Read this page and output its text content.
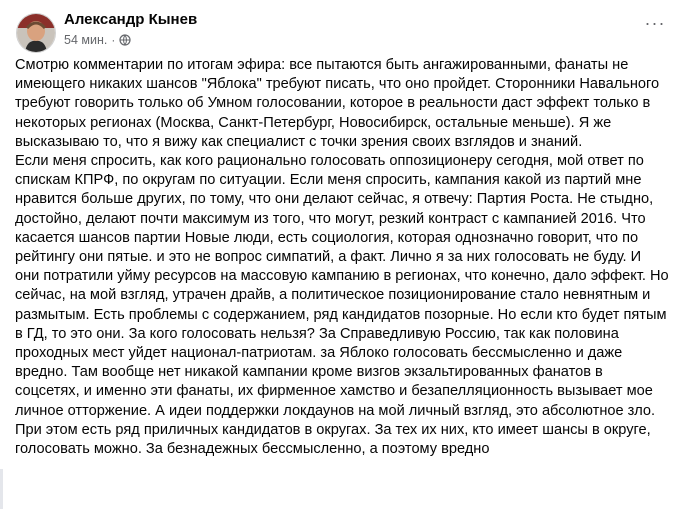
Александр Кынев
54 мин. ·
···

Смотрю комментарии по итогам эфира: все пытаются быть ангажированными, фанаты не имеющего никаких шансов "Яблока" требуют писать, что оно пройдет. Сторонники Навального требуют говорить только об Умном голосовании, которое в реальности даст эффект только в некоторых регионах (Москва, Санкт-Петербург, Новосибирск, остальные меньше). Я же высказываю то, что я вижу как специалист с точки зрения своих взглядов и знаний.

Если меня спросить, как кого рационально голосовать оппозиционеру сегодня, мой ответ по спискам КПРФ, по округам по ситуации. Если меня спросить, кампания какой из партий мне нравится больше других, по тому, что они делают сейчас, я отвечу: Партия Роста. Не стыдно, достойно, делают почти максимум из того, что могут, резкий контраст с кампанией 2016. Что касается шансов партии Новые люди, есть социология, которая однозначно говорит, что по рейтингу они пятые. и это не вопрос симпатий, а факт. Лично я за них голосовать не буду. И они потратили уйму ресурсов на массовую кампанию в регионах, что конечно, дало эффект. Но сейчас, на мой взгляд, утрачен драйв, а политическое позиционирование стало невнятным и размытым. Есть проблемы с содержанием, ряд кандидатов позорные. Но если кто будет пятым в ГД, то это они. За кого голосовать нельзя? За Справедливую Россию, так как половина проходных мест уйдет национал-патриотам. за Яблоко голосовать бессмысленно и даже вредно. Там вообще нет никакой кампании кроме визгов экзальтированных фанатов в соцсетях, и именно эти фанаты, их фирменное хамство и безапелляционность вызывает мое личное отторжение. А идеи поддержки локдаунов на мой личный взгляд, это абсолютное зло. При этом есть ряд приличных кандидатов в округах. За тех их них, кто имеет шансы в округе, голосовать можно. За безнадежных бессмысленно, а поэтому вредно
